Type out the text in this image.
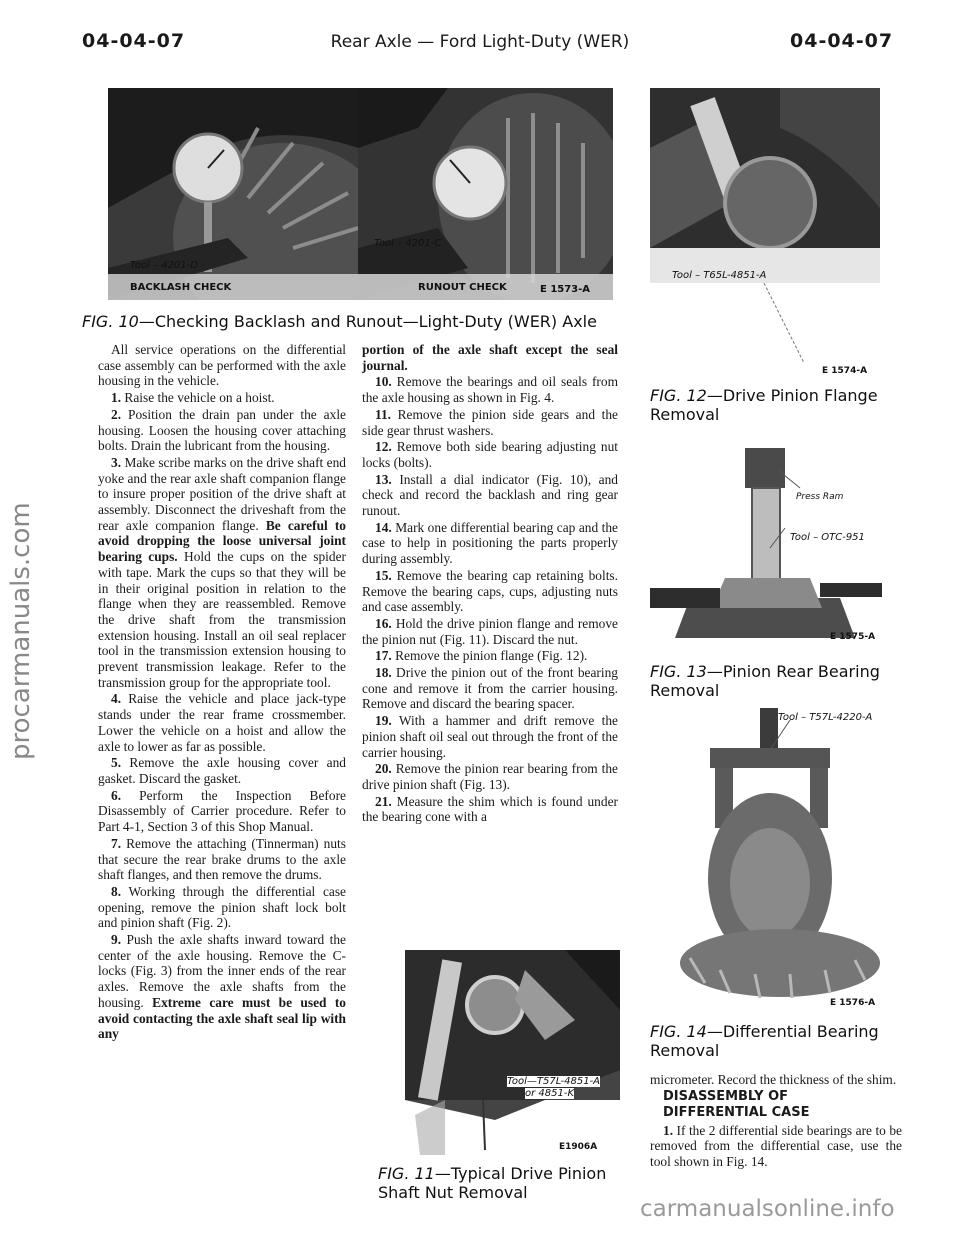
04-04-07	Rear Axle — Ford Light-Duty (WER)	04-04-07
procarmanuals.com
carmanualsonline.info
Tool – 4201-D
BACKLASH CHECK
Tool – 4201-C
RUNOUT CHECK	E 1573-A
FIG. 10—Checking Backlash and Runout—Light-Duty (WER) Axle
Tool – T65L-4851-A
E 1574-A
FIG. 12—Drive Pinion Flange Removal
Press Ram
Tool – OTC-951
E 1575-A
FIG. 13—Pinion Rear Bearing Removal
Tool – T57L-4220-A
E 1576-A
FIG. 14—Differential Bearing Removal
Tool—T57L-4851-A
or 4851-K
E1906A
FIG. 11—Typical Drive Pinion Shaft Nut Removal

All service operations on the differential case assembly can be performed with the axle housing in the vehicle.

1. Raise the vehicle on a hoist.

2. Position the drain pan under the axle housing. Loosen the housing cover attaching bolts. Drain the lubricant from the housing.

3. Make scribe marks on the drive shaft end yoke and the rear axle shaft companion flange to insure proper position of the drive shaft at assembly. Disconnect the driveshaft from the rear axle companion flange. Be careful to avoid dropping the loose universal joint bearing cups. Hold the cups on the spider with tape. Mark the cups so that they will be in their original position in relation to the flange when they are reassembled. Remove the drive shaft from the transmission extension housing. Install an oil seal replacer tool in the transmission extension housing to prevent transmission leakage. Refer to the transmission group for the appropriate tool.

4. Raise the vehicle and place jack-type stands under the rear frame crossmember. Lower the vehicle on a hoist and allow the axle to lower as far as possible.

5. Remove the axle housing cover and gasket. Discard the gasket.

6. Perform the Inspection Before Disassembly of Carrier procedure. Refer to Part 4-1, Section 3 of this Shop Manual.

7. Remove the attaching (Tinnerman) nuts that secure the rear brake drums to the axle shaft flanges, and then remove the drums.

8. Working through the differential case opening, remove the pinion shaft lock bolt and pinion shaft (Fig. 2).

9. Push the axle shafts inward toward the center of the axle housing. Remove the C-locks (Fig. 3) from the inner ends of the rear axles. Remove the axle shafts from the housing. Extreme care must be used to avoid contacting the axle shaft seal lip with any

portion of the axle shaft except the seal journal.

10. Remove the bearings and oil seals from the axle housing as shown in Fig. 4.

11. Remove the pinion side gears and the side gear thrust washers.

12. Remove both side bearing adjusting nut locks (bolts).

13. Install a dial indicator (Fig. 10), and check and record the backlash and ring gear runout.

14. Mark one differential bearing cap and the case to help in positioning the parts properly during assembly.

15. Remove the bearing cap retaining bolts. Remove the bearing caps, cups, adjusting nuts and case assembly.

16. Hold the drive pinion flange and remove the pinion nut (Fig. 11). Discard the nut.

17. Remove the pinion flange (Fig. 12).

18. Drive the pinion out of the front bearing cone and remove it from the carrier housing. Remove and discard the bearing spacer.

19. With a hammer and drift remove the pinion shaft oil seal out through the front of the carrier housing.

20. Remove the pinion rear bearing from the drive pinion shaft (Fig. 13).

21. Measure the shim which is found under the bearing cone with a

micrometer. Record the thickness of the shim.

DISASSEMBLY OF
DIFFERENTIAL CASE

1. If the 2 differential side bearings are to be removed from the differential case, use the tool shown in Fig. 14.
